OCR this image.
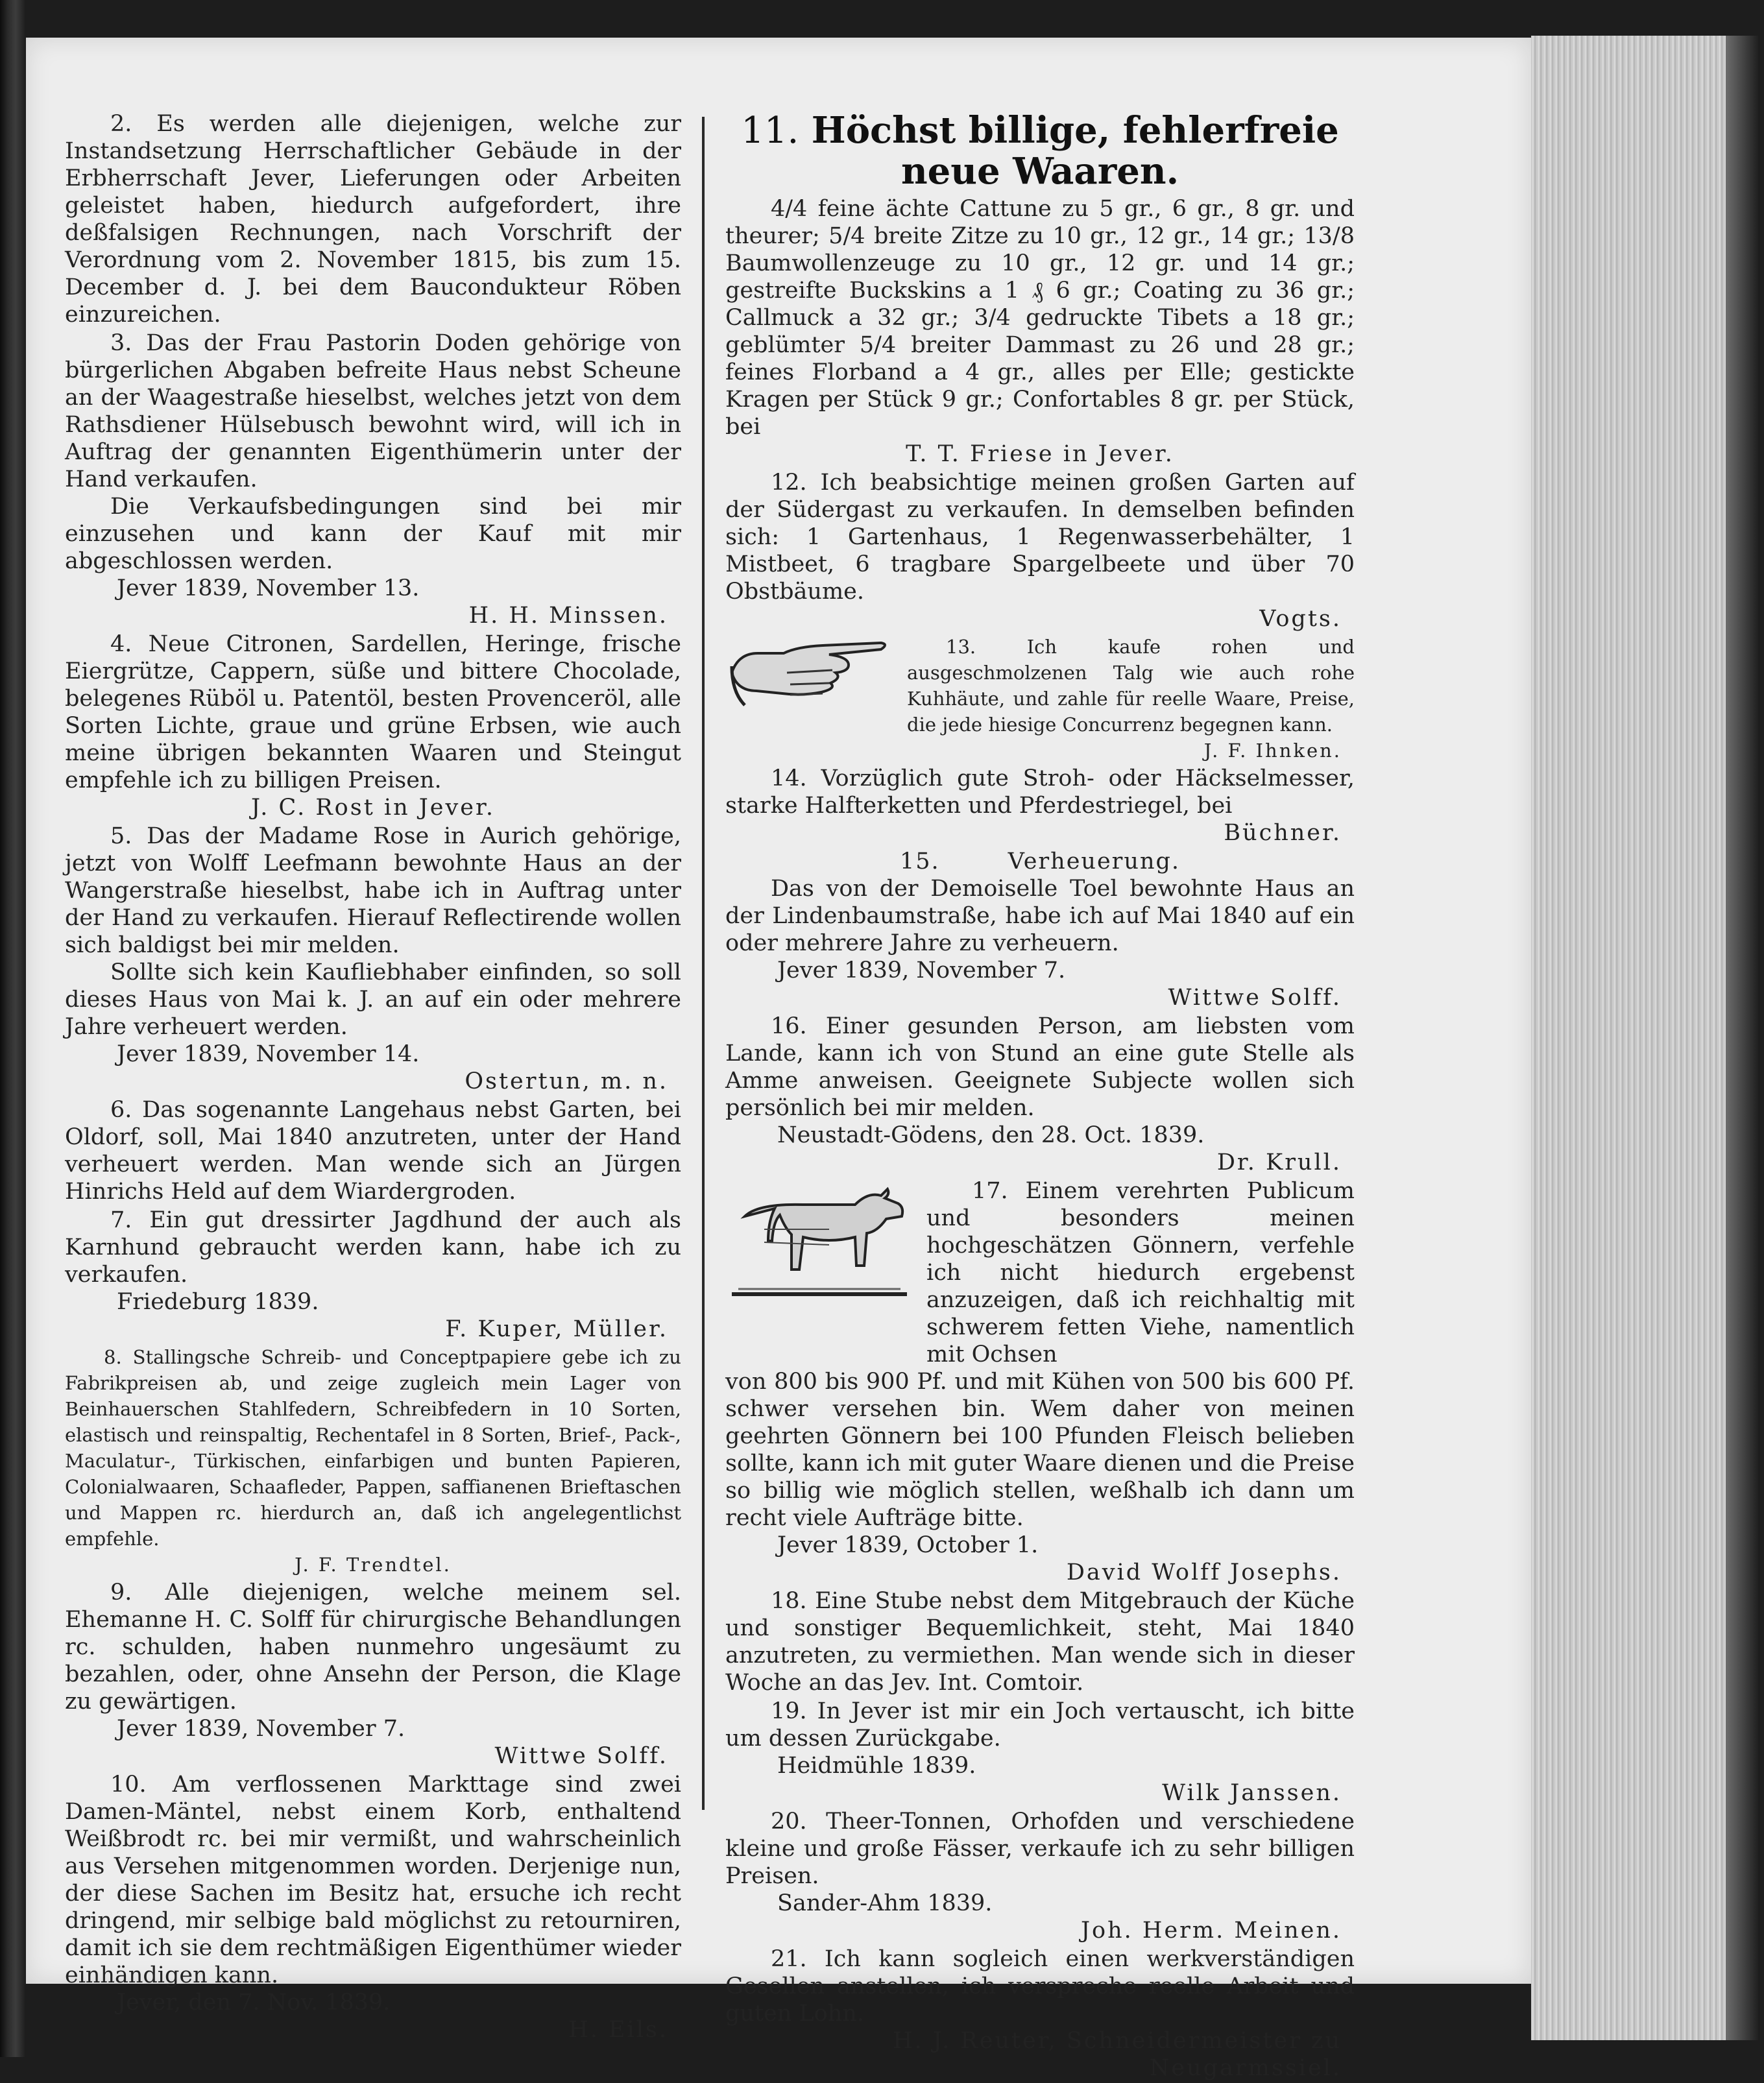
2. Es werden alle diejenigen, welche zur Instandsetzung Herrschaftlicher Gebäude in der Erbherrschaft Jever, Lieferungen oder Arbeiten geleistet haben, hiedurch aufgefordert, ihre deßfalsigen Rechnungen, nach Vorschrift der Verordnung vom 2. November 1815, bis zum 15. December d. J. bei dem Baucondukteur Röben einzureichen.

3. Das der Frau Pastorin Doden gehörige von bürgerlichen Abgaben befreite Haus nebst Scheune an der Waagestraße hieselbst, welches jetzt von dem Rathsdiener Hülsebusch bewohnt wird, will ich in Auftrag der genannten Eigenthümerin unter der Hand verkaufen.

Die Verkaufsbedingungen sind bei mir einzusehen und kann der Kauf mit mir abgeschlossen werden.

Jever 1839, November 13.

H. H. Minssen.

4. Neue Citronen, Sardellen, Heringe, frische Eiergrütze, Cappern, süße und bittere Chocolade, belegenes Rüböl u. Patentöl, besten Provenceröl, alle Sorten Lichte, graue und grüne Erbsen, wie auch meine übrigen bekannten Waaren und Steingut empfehle ich zu billigen Preisen.

J. C. Rost in Jever.

5. Das der Madame Rose in Aurich gehörige, jetzt von Wolff Leefmann bewohnte Haus an der Wangerstraße hieselbst, habe ich in Auftrag unter der Hand zu verkaufen. Hierauf Reflectirende wollen sich baldigst bei mir melden.

Sollte sich kein Kaufliebhaber einfinden, so soll dieses Haus von Mai k. J. an auf ein oder mehrere Jahre verheuert werden.

Jever 1839, November 14.

Ostertun, m. n.

6. Das sogenannte Langehaus nebst Garten, bei Oldorf, soll, Mai 1840 anzutreten, unter der Hand verheuert werden. Man wende sich an Jürgen Hinrichs Held auf dem Wiardergroden.

7. Ein gut dressirter Jagdhund der auch als Karnhund gebraucht werden kann, habe ich zu verkaufen.

Friedeburg 1839.

F. Kuper, Müller.

8. Stallingsche Schreib- und Conceptpapiere gebe ich zu Fabrikpreisen ab, und zeige zugleich mein Lager von Beinhauerschen Stahlfedern, Schreibfedern in 10 Sorten, elastisch und reinspaltig, Rechentafel in 8 Sorten, Brief-, Pack-, Maculatur-, Türkischen, einfarbigen und bunten Papieren, Colonialwaaren, Schaafleder, Pappen, saffianenen Brieftaschen und Mappen rc. hierdurch an, daß ich angelegentlichst empfehle.

J. F. Trendtel.

9. Alle diejenigen, welche meinem sel. Ehemanne H. C. Solff für chirurgische Behandlungen rc. schulden, haben nunmehro ungesäumt zu bezahlen, oder, ohne Ansehn der Person, die Klage zu gewärtigen.

Jever 1839, November 7.

Wittwe Solff.

10. Am verflossenen Markttage sind zwei Damen-Mäntel, nebst einem Korb, enthaltend Weißbrodt rc. bei mir vermißt, und wahrscheinlich aus Versehen mitgenommen worden. Derjenige nun, der diese Sachen im Besitz hat, ersuche ich recht dringend, mir selbige bald möglichst zu retourniren, damit ich sie dem rechtmäßigen Eigenthümer wieder einhändigen kann.

Jever, den 7. Nov. 1839.

H. Eils.

11. Höchst billige, fehlerfreie neue Waaren.

4/4 feine ächte Cattune zu 5 gr., 6 gr., 8 gr. und theurer; 5/4 breite Zitze zu 10 gr., 12 gr., 14 gr.; 13/8 Baumwollenzeuge zu 10 gr., 12 gr. und 14 gr.; gestreifte Buckskins a 1 ₰ 6 gr.; Coating zu 36 gr.; Callmuck a 32 gr.; 3/4 gedruckte Tibets a 18 gr.; geblümter 5/4 breiter Dammast zu 26 und 28 gr.; feines Florband a 4 gr., alles per Elle; gestickte Kragen per Stück 9 gr.; Confortables 8 gr. per Stück, bei

T. T. Friese in Jever.

12. Ich beabsichtige meinen großen Garten auf der Südergast zu verkaufen. In demselben befinden sich: 1 Gartenhaus, 1 Regenwasserbehälter, 1 Mistbeet, 6 tragbare Spargelbeete und über 70 Obstbäume.

Vogts.

13. Ich kaufe rohen und ausgeschmolzenen Talg wie auch rohe Kuhhäute, und zahle für reelle Waare, Preise, die jede hiesige Concurrenz begegnen kann.

J. F. Ihnken.

14. Vorzüglich gute Stroh- oder Häckselmesser, starke Halfterketten und Pferdestriegel, bei

Büchner.

15.	Verheuerung.

Das von der Demoiselle Toel bewohnte Haus an der Lindenbaumstraße, habe ich auf Mai 1840 auf ein oder mehrere Jahre zu verheuern.

Jever 1839, November 7.

Wittwe Solff.

16. Einer gesunden Person, am liebsten vom Lande, kann ich von Stund an eine gute Stelle als Amme anweisen. Geeignete Subjecte wollen sich persönlich bei mir melden.

Neustadt-Gödens, den 28. Oct. 1839.

Dr. Krull.

17. Einem verehrten Publicum und besonders meinen hochgeschätzen Gönnern, verfehle ich nicht hiedurch ergebenst anzuzeigen, daß ich reichhaltig mit schwerem fetten Viehe, namentlich mit Ochsen

von 800 bis 900 Pf. und mit Kühen von 500 bis 600 Pf. schwer versehen bin. Wem daher von meinen geehrten Gönnern bei 100 Pfunden Fleisch belieben sollte, kann ich mit guter Waare dienen und die Preise so billig wie möglich stellen, weßhalb ich dann um recht viele Aufträge bitte.

Jever 1839, October 1.

David Wolff Josephs.

18. Eine Stube nebst dem Mitgebrauch der Küche und sonstiger Bequemlichkeit, steht, Mai 1840 anzutreten, zu vermiethen. Man wende sich in dieser Woche an das Jev. Int. Comtoir.

19. In Jever ist mir ein Joch vertauscht, ich bitte um dessen Zurückgabe.

Heidmühle 1839.

Wilk Janssen.

20. Theer-Tonnen, Orhofden und verschiedene kleine und große Fässer, verkaufe ich zu sehr billigen Preisen.

Sander-Ahm 1839.

Joh. Herm. Meinen.

21. Ich kann sogleich einen werkverständigen Gesellen anstellen, ich verspreche reelle Arbeit und guten Lohn.

H. J. Reuter, Schneidermeister zu Neugarmssiel.
